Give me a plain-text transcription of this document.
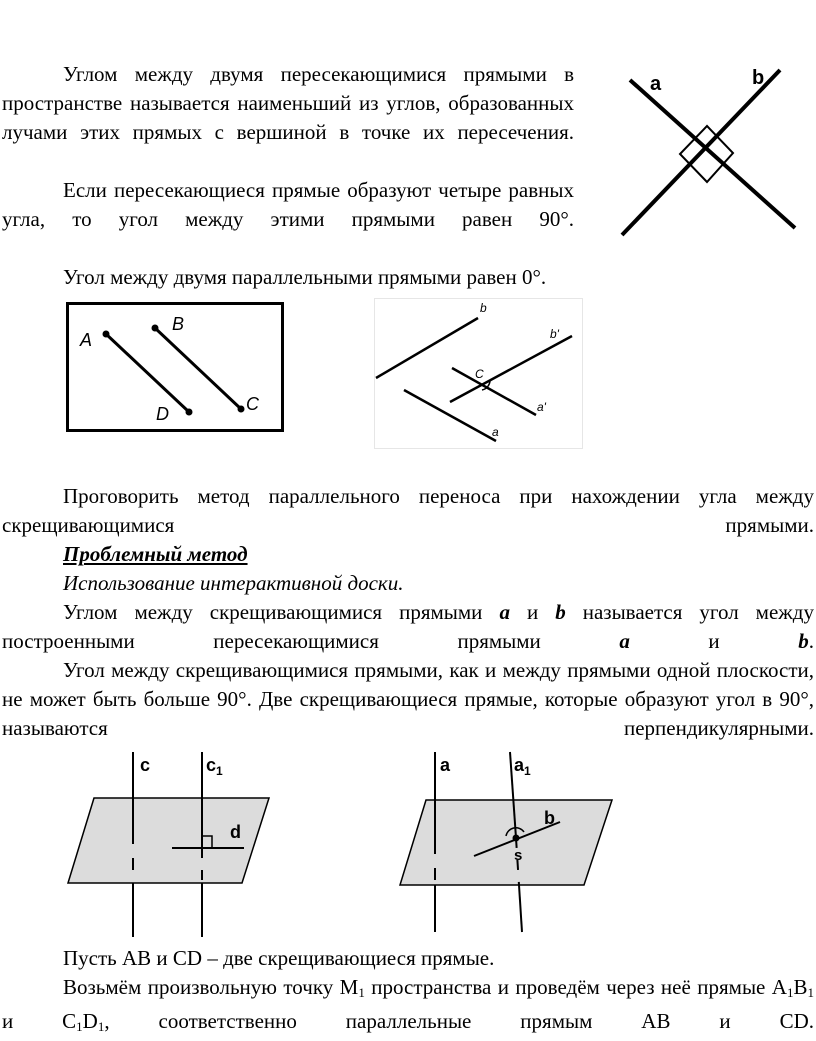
Углом между двумя пересекающимися прямыми в пространстве называется наименьший из углов, образованных лучами этих прямых с вершиной в точке их пересечения.

Если пересекающиеся прямые образуют четыре равных угла, то угол между этими прямыми равен 90°.

Угол между двумя параллельными прямыми равен 0°.

a	b
A
B
C
D
b
b'
C
a'
a

Проговорить метод параллельного переноса при нахождении угла между скрещивающимися прямыми.

Проблемный метод

Использование интерактивной доски.

Углом между скрещивающимися прямыми a и b называется угол между построенными пересекающимися прямыми a и b.

Угол между скрещивающимися прямыми, как и между прямыми одной плоскости, не может быть больше 90°. Две скрещивающиеся прямые, которые образуют угол в 90°, называются перпендикулярными.

c	$c_1$
d
a	$a_1$
b
s

Пусть AB и CD – две скрещивающиеся прямые.

Возьмём произвольную точку $M_1$ пространства и проведём через неё прямые $A_1B_1$ и $C_1D_1$, соответственно параллельные прямым AB и CD.
